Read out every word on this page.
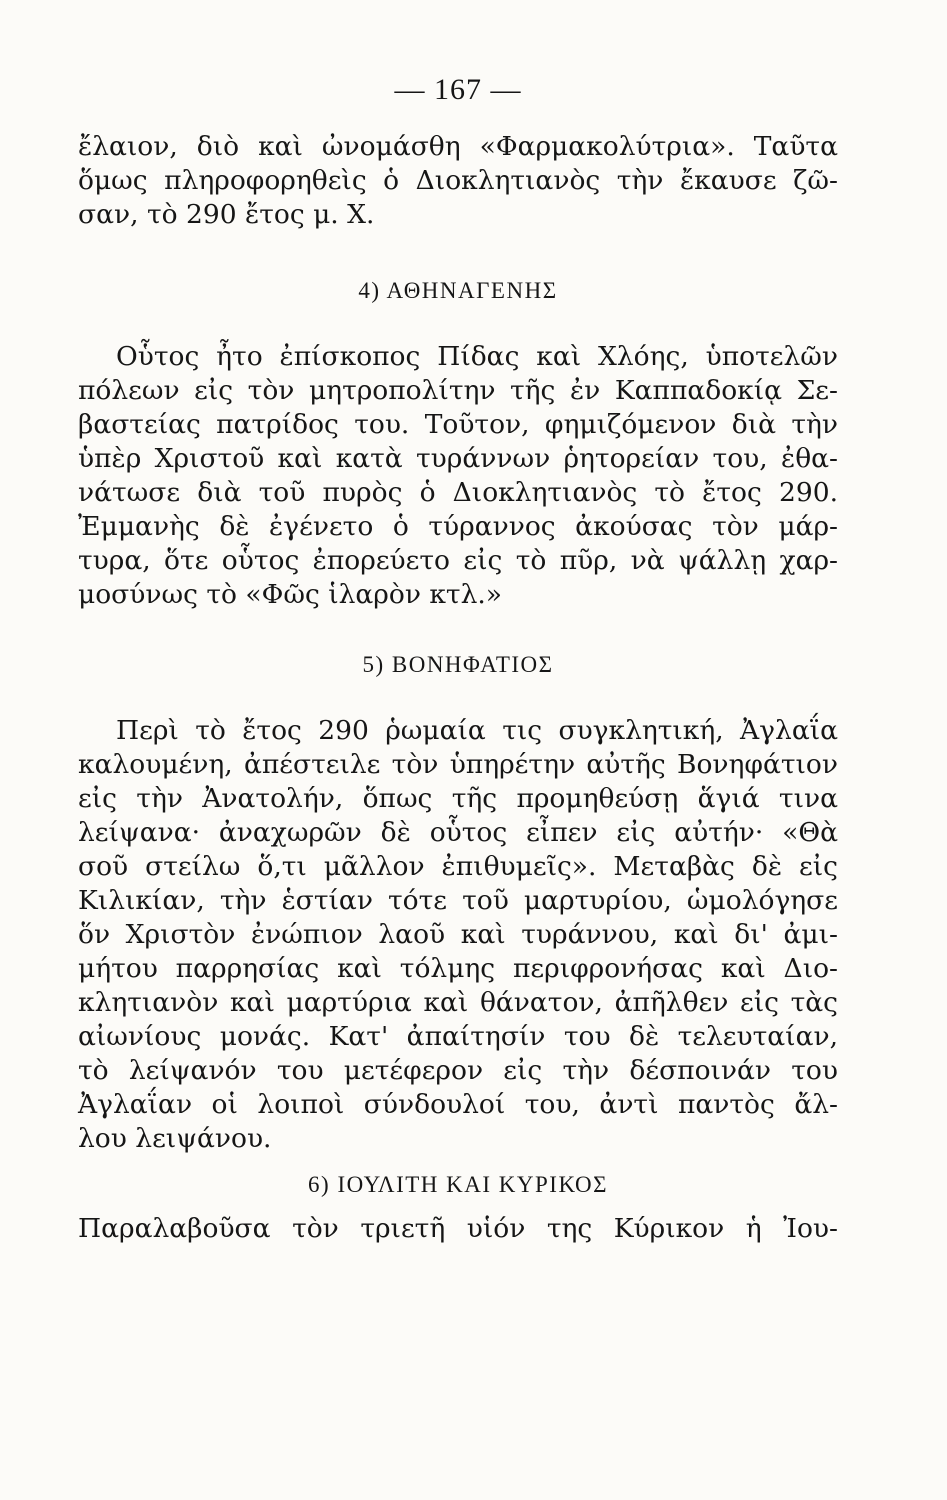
— 167 —
ἔλαιον, διὸ καὶ ὠνομάσθη «Φαρμακολύτρια». Ταῦτα
ὅμως πληροφορηθεὶς ὁ Διοκλητιανὸς τὴν ἔκαυσε ζῶ-
σαν, τὸ 290 ἔτος μ. Χ.
4) ΑΘΗΝΑΓΕΝΗΣ
Οὗτος ἦτο ἐπίσκοπος Πίδας καὶ Χλόης, ὑποτελῶν
πόλεων εἰς τὸν μητροπολίτην τῆς ἐν Καππαδοκίᾳ Σε-
βαστείας πατρίδος του. Τοῦτον, φημιζόμενον διὰ τὴν
ὑπὲρ Χριστοῦ καὶ κατὰ τυράννων ῥητορείαν του, ἐθα-
νάτωσε διὰ τοῦ πυρὸς ὁ Διοκλητιανὸς τὸ ἔτος 290.
Ἐμμανὴς δὲ ἐγένετο ὁ τύραννος ἀκούσας τὸν μάρ-
τυρα, ὅτε οὗτος ἐπορεύετο εἰς τὸ πῦρ, νὰ ψάλλῃ χαρ-
μοσύνως τὸ «Φῶς ἱλαρὸν κτλ.»
5) ΒΟΝΗΦΑΤΙΟΣ
Περὶ τὸ ἔτος 290 ῥωμαία τις συγκλητική, Ἀγλαΐα
καλουμένη, ἀπέστειλε τὸν ὑπηρέτην αὐτῆς Βονηφάτιον
εἰς τὴν Ἀνατολήν, ὅπως τῆς προμηθεύσῃ ἅγιά τινα
λείψανα· ἀναχωρῶν δὲ οὗτος εἶπεν εἰς αὐτήν· «Θὰ
σοῦ στείλω ὅ,τι μᾶλλον ἐπιθυμεῖς». Μεταβὰς δὲ εἰς
Κιλικίαν, τὴν ἑστίαν τότε τοῦ μαρτυρίου, ὡμολόγησε
ὅν Χριστὸν ἐνώπιον λαοῦ καὶ τυράννου, καὶ δι' ἀμι-
μήτου παρρησίας καὶ τόλμης περιφρονήσας καὶ Διο-
κλητιανὸν καὶ μαρτύρια καὶ θάνατον, ἀπῆλθεν εἰς τὰς
αἰωνίους μονάς. Κατ' ἀπαίτησίν του δὲ τελευταίαν,
τὸ λείψανόν του μετέφερον εἰς τὴν δέσποινάν του
Ἀγλαΐαν οἱ λοιποὶ σύνδουλοί του, ἀντὶ παντὸς ἄλ-
λου λειψάνου.
6) ΙΟΥΛΙΤΗ ΚΑΙ ΚΥΡΙΚΟΣ
Παραλαβοῦσα τὸν τριετῆ υἱόν της Κύρικον ἡ Ἰου-
